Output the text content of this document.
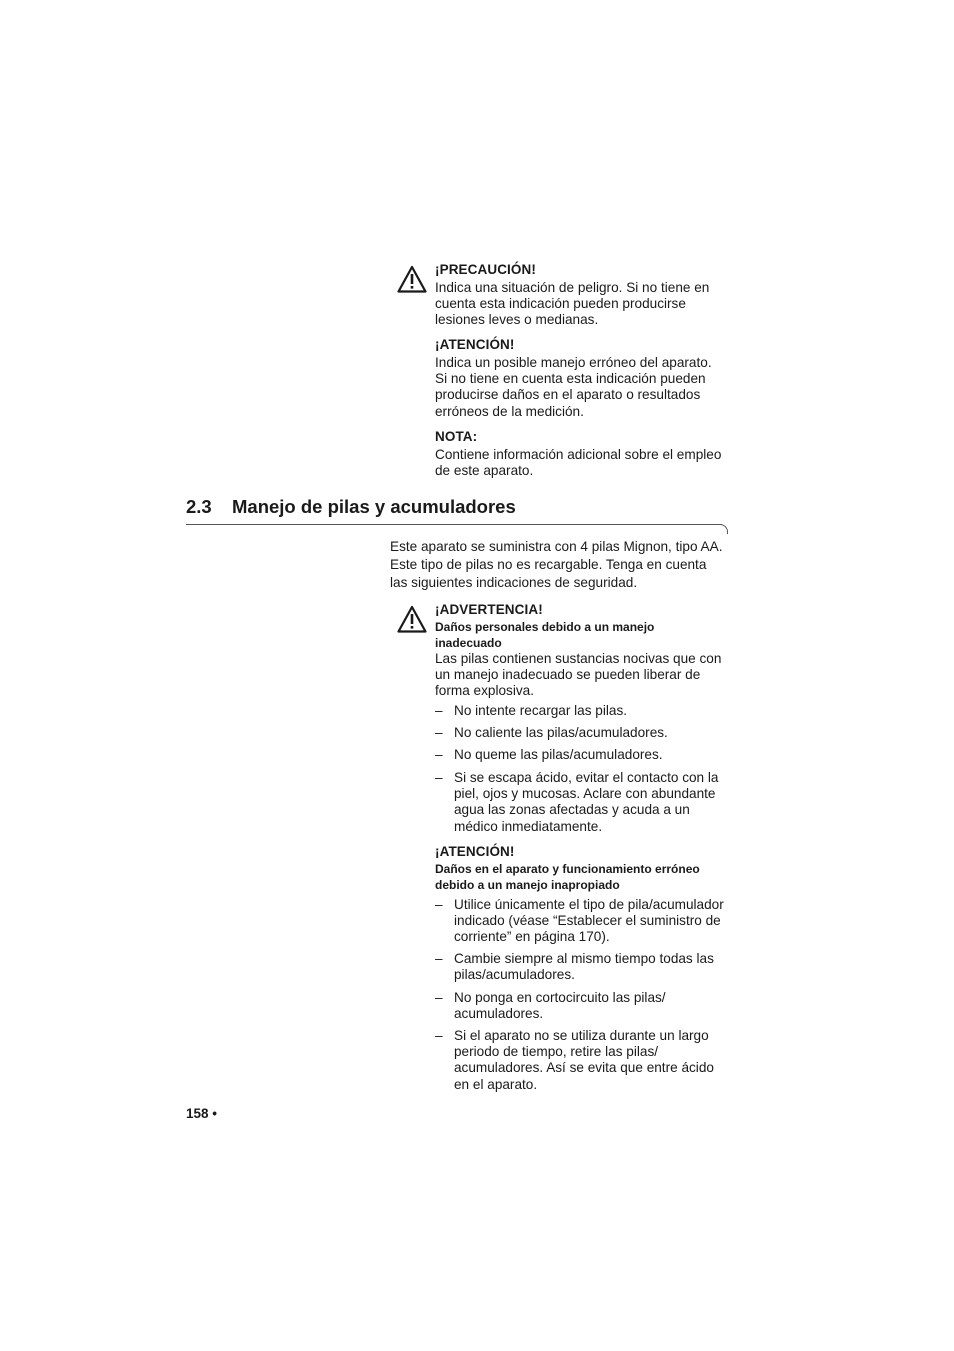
¡PRECAUCIÓN!
Indica una situación de peligro. Si no tiene en
cuenta esta indicación pueden producirse
lesiones leves o medianas.
¡ATENCIÓN!
Indica un posible manejo erróneo del aparato.
Si no tiene en cuenta esta indicación pueden
producirse daños en el aparato o resultados
erróneos de la medición.
NOTA:
Contiene información adicional sobre el empleo
de este aparato.
2.3 Manejo de pilas y acumuladores
Este aparato se suministra con 4 pilas Mignon, tipo AA.
Este tipo de pilas no es recargable. Tenga en cuenta
las siguientes indicaciones de seguridad.
¡ADVERTENCIA!
Daños personales debido a un manejo
inadecuado
Las pilas contienen sustancias nocivas que con
un manejo inadecuado se pueden liberar de
forma explosiva.
– No intente recargar las pilas.
– No caliente las pilas/acumuladores.
– No queme las pilas/acumuladores.
– Si se escapa ácido, evitar el contacto con la
piel, ojos y mucosas. Aclare con abundante
agua las zonas afectadas y acuda a un
médico inmediatamente.
¡ATENCIÓN!
Daños en el aparato y funcionamiento erróneo
debido a un manejo inapropiado
– Utilice únicamente el tipo de pila/acumulador
indicado (véase “Establecer el suministro de
corriente” en página 170).
– Cambie siempre al mismo tiempo todas las
pilas/acumuladores.
– No ponga en cortocircuito las pilas/
acumuladores.
– Si el aparato no se utiliza durante un largo
periodo de tiempo, retire las pilas/
acumuladores. Así se evita que entre ácido
en el aparato.
158 •
